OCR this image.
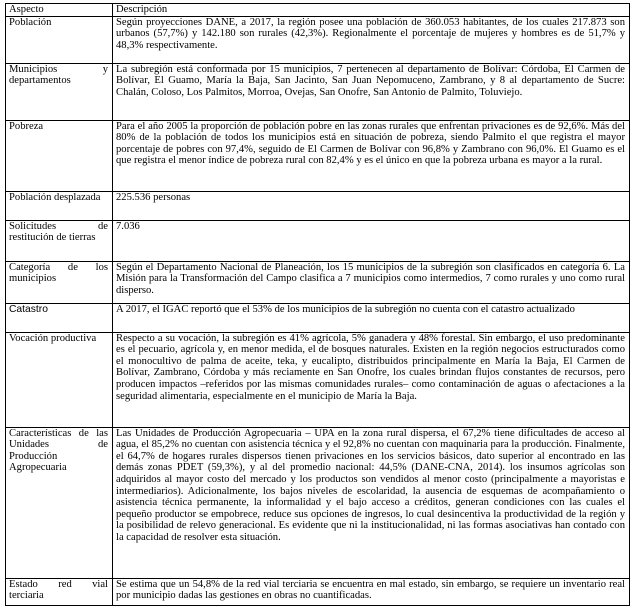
Aspecto	Descripción
Población	Según proyecciones DANE, a 2017, la región posee una población de 360.053 habitantes, de los cuales 217.873 son urbanos (57,7%) y 142.180 son rurales (42,3%). Regionalmente el porcentaje de mujeres y hombres es de 51,7% y 48,3% respectivamente.
Municipios y departamentos	La subregión está conformada por 15 municipios, 7 pertenecen al departamento de Bolívar: Córdoba, El Carmen de Bolívar, El Guamo, María la Baja, San Jacinto, San Juan Nepomuceno, Zambrano, y 8 al departamento de Sucre: Chalán, Coloso, Los Palmitos, Morroa, Ovejas, San Onofre, San Antonio de Palmito, Toluviejo.
Pobreza	Para el año 2005 la proporción de población pobre en las zonas rurales que enfrentan privaciones es de 92,6%. Más del 80% de la población de todos los municipios está en situación de pobreza, siendo Palmito el que registra el mayor porcentaje de pobres con 97,4%, seguido de El Carmen de Bolívar con 96,8% y Zambrano con 96,0%. El Guamo es el que registra el menor índice de pobreza rural con 82,4% y es el único en que la pobreza urbana es mayor a la rural.
Población desplazada	225.536 personas
Solicitudes de restitución de tierras	7.036
Categoría de los municipios	Según el Departamento Nacional de Planeación, los 15 municipios de la subregión son clasificados en categoría 6. La Misión para la Transformación del Campo clasifica a 7 municipios como intermedios, 7 como rurales y uno como rural disperso.
Catastro	A 2017, el IGAC reportó que el 53% de los municipios de la subregión no cuenta con el catastro actualizado
Vocación productiva	Respecto a su vocación, la subregión es 41% agrícola, 5% ganadera y 48% forestal. Sin embargo, el uso predominante es el pecuario, agrícola y, en menor medida, el de bosques naturales. Existen en la región negocios estructurados como el monocultivo de palma de aceite, teka, y eucalipto, distribuidos principalmente en María la Baja, El Carmen de Bolívar, Zambrano, Córdoba y más reciamente en San Onofre, los cuales brindan flujos constantes de recursos, pero producen impactos –referidos por las mismas comunidades rurales– como contaminación de aguas o afectaciones a la seguridad alimentaria, especialmente en el municipio de María la Baja.
Características de las Unidades de Producción Agropecuaria	Las Unidades de Producción Agropecuaria – UPA en la zona rural dispersa, el 67,2% tiene dificultades de acceso al agua, el 85,2% no cuentan con asistencia técnica y el 92,8% no cuentan con maquinaria para la producción. Finalmente, el 64,7% de hogares rurales dispersos tienen privaciones en los servicios básicos, dato superior al encontrado en las demás zonas PDET (59,3%), y al del promedio nacional: 44,5% (DANE-CNA, 2014). los insumos agrícolas son adquiridos al mayor costo del mercado y los productos son vendidos al menor costo (principalmente a mayoristas e intermediarios). Adicionalmente, los bajos niveles de escolaridad, la ausencia de esquemas de acompañamiento o asistencia técnica permanente, la informalidad y el bajo acceso a créditos, generan condiciones con las cuales el pequeño productor se empobrece, reduce sus opciones de ingresos, lo cual desincentiva la productividad de la región y la posibilidad de relevo generacional. Es evidente que ni la institucionalidad, ni las formas asociativas han contado con la capacidad de resolver esta situación.
Estado red vial terciaria	Se estima que un 54,8% de la red vial terciaria se encuentra en mal estado, sin embargo, se requiere un inventario real por municipio dadas las gestiones en obras no cuantificadas.
